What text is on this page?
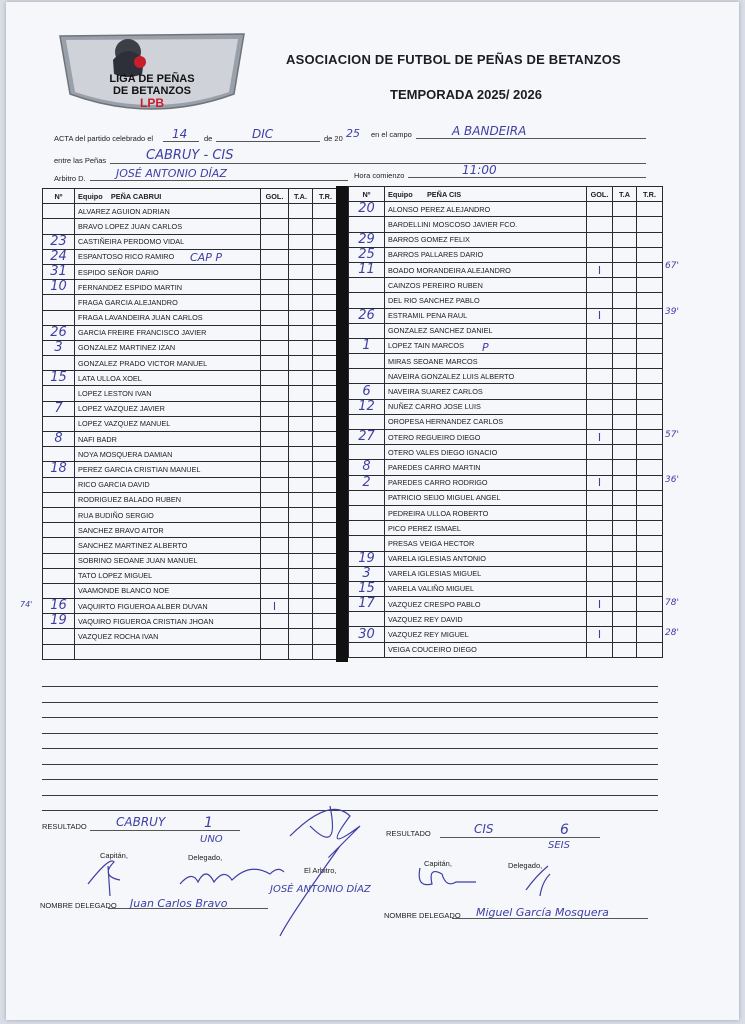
LIGA DE PEÑAS
DE BETANZOS
LPB
ASOCIACION DE FUTBOL DE PEÑAS DE BETANZOS
TEMPORADA 2025/ 2026
ACTA del partido celebrado el 14 de	DIC	de 20 25 en el campo	A BANDEIRA
entre las Peñas	CABRUY - CIS
Arbitro D.	JOSÉ ANTONIO DÍAZ	Hora comienzo	11:00
Nº	Equipo PEÑA CABRUI	GOL.	T.A.	T.R.
	ALVAREZ AGUION ADRIAN			
	BRAVO LOPEZ JUAN CARLOS			
23	CASTIÑEIRA PERDOMO VIDAL			
24	ESPANTOSO RICO RAMIRO			
31	ESPIDO SEÑOR DARIO			
10	FERNANDEZ ESPIDO MARTIN			
	FRAGA GARCIA ALEJANDRO			
	FRAGA LAVANDEIRA JUAN CARLOS			
26	GARCIA FREIRE FRANCISCO JAVIER			
3	GONZALEZ MARTINEZ IZAN			
	GONZALEZ PRADO VICTOR MANUEL			
15	LATA ULLOA XOEL			
	LOPEZ LESTON IVAN			
7	LOPEZ VAZQUEZ JAVIER			
	LOPEZ VAZQUEZ MANUEL			
8	NAFI BADR			
	NOYA MOSQUERA DAMIAN			
18	PEREZ GARCIA CRISTIAN MANUEL			
	RICO GARCIA DAVID			
	RODRIGUEZ BALADO RUBEN			
	RUA BUDIÑO SERGIO			
	SANCHEZ BRAVO AITOR			
	SANCHEZ MARTINEZ ALBERTO			
	SOBRINO SEOANE JUAN MANUEL			
	TATO LOPEZ MIGUEL			
	VAAMONDE BLANCO NOE			
16	VAQUIRTO FIGUEROA ALBER DUVAN	I		
19	VAQUIRO FIGUEROA CRISTIAN JHOAN			
	VAZQUEZ ROCHA IVAN			

Nº	Equipo PEÑA CIS	GOL.	T.A	T.R.
20	ALONSO PEREZ ALEJANDRO			
	BARDELLINI MOSCOSO JAVIER FCO.			
29	BARROS GOMEZ FELIX			
25	BARROS PALLARES DARIO			
11	BOADO MORANDEIRA ALEJANDRO	I		
	CAINZOS PEREIRO RUBEN			
	DEL RIO SANCHEZ PABLO			
26	ESTRAMIL PENA RAUL	I		
	GONZALEZ SANCHEZ DANIEL			
1	LOPEZ TAIN MARCOS			
	MIRAS SEOANE MARCOS			
	NAVEIRA GONZALEZ LUIS ALBERTO			
6	NAVEIRA SUAREZ CARLOS			
12	NUÑEZ CARRO JOSE LUIS			
	OROPESA HERNANDEZ CARLOS			
27	OTERO REGUEIRO DIEGO	I		
	OTERO VALES DIEGO IGNACIO			
8	PAREDES CARRO MARTIN			
2	PAREDES CARRO RODRIGO	I		
	PATRICIO SEIJO MIGUEL ANGEL			
	PEDREIRA ULLOA ROBERTO			
	PICO PEREZ ISMAEL			
	PRESAS VEIGA HECTOR			
19	VARELA IGLESIAS ANTONIO			
3	VARELA IGLESIAS MIGUEL			
15	VARELA VALIÑO MIGUEL			
17	VAZQUEZ CRESPO PABLO	I		
	VAZQUEZ REY DAVID			
30	VAZQUEZ REY MIGUEL	I		
	VEIGA COUCEIRO DIEGO			
CAP P
P
74'
67'
39'
57'
36'
78'
28'
RESULTADO CABRUY	1
UNO
RESULTADO	CIS	6
SEIS
Capitán,	Delegado,
El Arbitro,
Capitán,	Delegado,
JOSÉ ANTONIO DÍAZ
NOMBRE DELEGADO Juan Carlos Bravo
NOMBRE DELEGADO Miguel García Mosquera
